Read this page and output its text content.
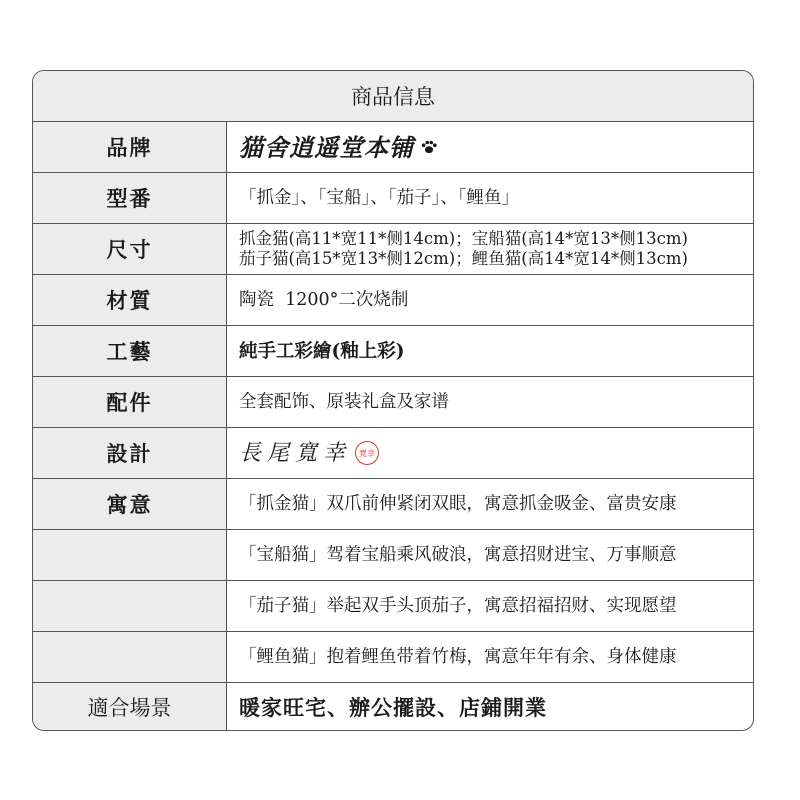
商品信息
品牌	猫舍逍遥堂本铺
型番	「抓金」、「宝船」、「茄子」、「鲤鱼」
尺寸	抓金猫(高11*宽11*侧14cm)；宝船猫(高14*宽13*侧13cm)
茄子猫(高15*宽13*侧12cm)；鲤鱼猫(高14*宽14*侧13cm)
材質	陶瓷  1200°二次烧制
工藝	純手工彩繪(釉上彩)
配件	全套配饰、原装礼盒及家谱
設計	長尾寬幸	寬幸
寓意	「抓金猫」双爪前伸紧闭双眼，寓意抓金吸金、富贵安康
「宝船猫」驾着宝船乘风破浪，寓意招财进宝、万事顺意
「茄子猫」举起双手头顶茄子，寓意招福招财、实现愿望
「鲤鱼猫」抱着鲤鱼带着竹梅，寓意年年有余、身体健康
適合場景	暖家旺宅、辦公擺設、店鋪開業
